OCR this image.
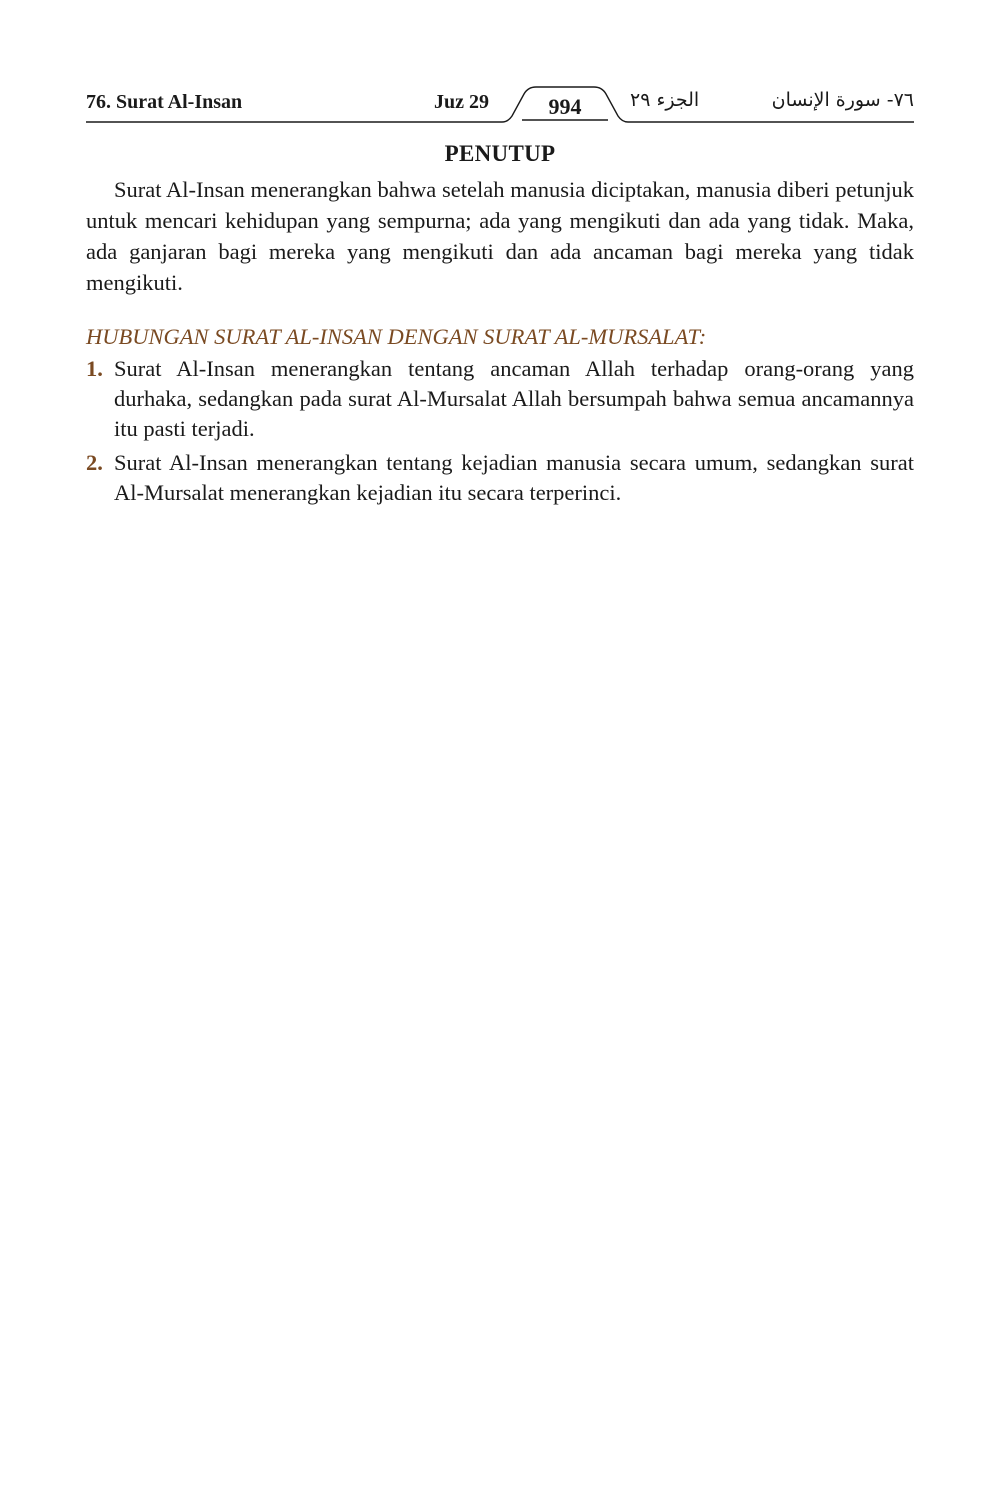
76. Surat Al-Insan	Juz 29	994	الجزء ٢٩	٧٦- سورة الإنسان
PENUTUP

Surat Al-Insan menerangkan bahwa setelah manusia diciptakan, manusia diberi petunjuk untuk mencari kehidupan yang sempurna; ada yang mengikuti dan ada yang tidak. Maka, ada ganjaran bagi mereka yang mengikuti dan ada ancaman bagi mereka yang tidak mengikuti.

HUBUNGAN SURAT AL-INSAN DENGAN SURAT AL-MURSALAT:
1. Surat Al-Insan menerangkan tentang ancaman Allah terhadap orang-orang yang durhaka, sedangkan pada surat Al-Mursalat Allah bersumpah bahwa semua ancamannya itu pasti terjadi.
2. Surat Al-Insan menerangkan tentang kejadian manusia secara umum, sedangkan surat Al-Mursalat menerangkan kejadian itu secara terperinci.
